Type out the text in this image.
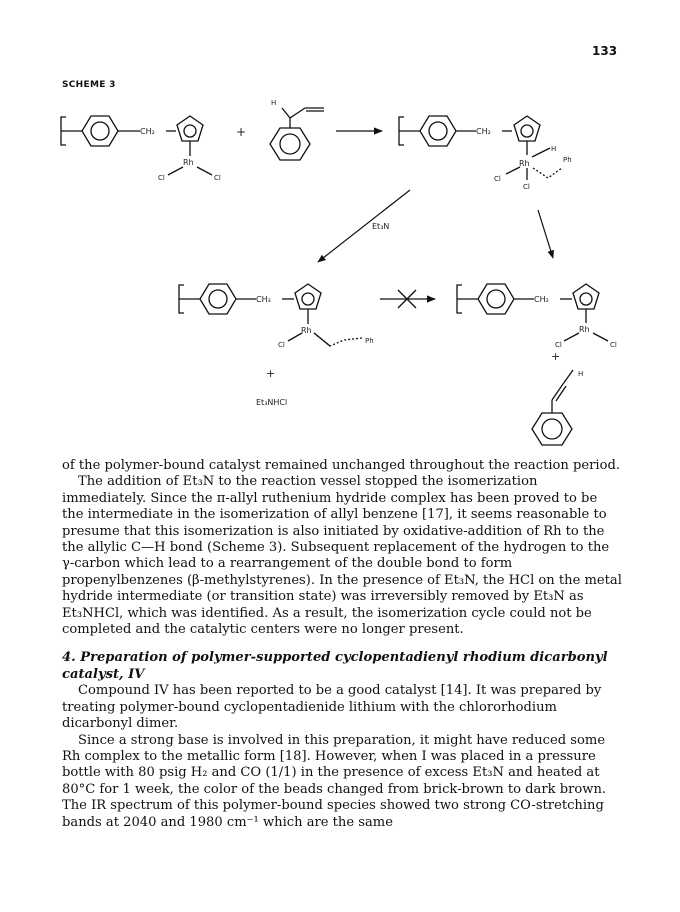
133
SCHEME 3
CH₂
Rh
Cl	Cl
+
H
CH₂
Rh
H
Ph
Cl
Cl
Et₃N
CH₃
Rh
Cl	Ph
+
Et₃NHCl
CH₂
Rh
Cl	Cl
+
H

of the polymer-bound catalyst remained unchanged throughout the reaction period.

The addition of Et₃N to the reaction vessel stopped the isomerization immediately. Since the π-allyl ruthenium hydride complex has been proved to be the intermediate in the isomerization of allyl benzene [17], it seems reasonable to presume that this isomerization is also initiated by oxidative-addition of Rh to the the allylic C—H bond (Scheme 3). Subsequent replacement of the hydrogen to the γ-carbon which lead to a rearrangement of the double bond to form propenylbenzenes (β-methylstyrenes). In the presence of Et₃N, the HCl on the metal hydride intermediate (or transition state) was irreversibly removed by Et₃N as Et₃NHCl, which was identified. As a result, the isomerization cycle could not be completed and the catalytic centers were no longer present.

4. Preparation of polymer-supported cyclopentadienyl rhodium dicarbonyl catalyst, IV

Compound IV has been reported to be a good catalyst [14]. It was prepared by treating polymer-bound cyclopentadienide lithium with the chlororhodium dicarbonyl dimer.

Since a strong base is involved in this preparation, it might have reduced some Rh complex to the metallic form [18]. However, when I was placed in a pressure bottle with 80 psig H₂ and CO (1/1) in the presence of excess Et₃N and heated at 80°C for 1 week, the color of the beads changed from brick-brown to dark brown. The IR spectrum of this polymer-bound species showed two strong CO-stretching bands at 2040 and 1980 cm⁻¹ which are the same
